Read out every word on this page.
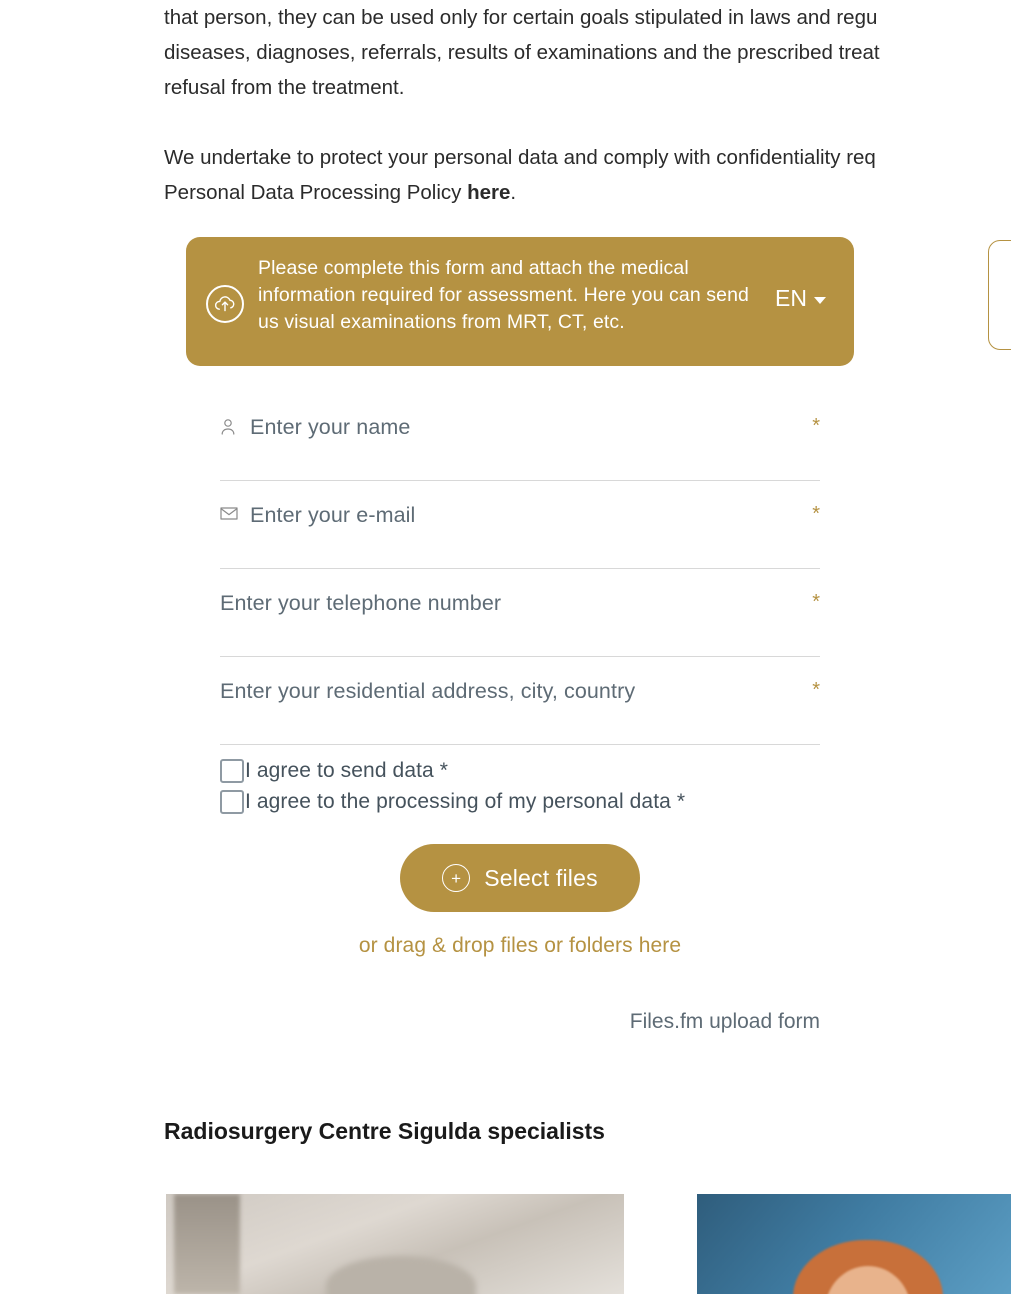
that person, they can be used only for certain goals stipulated in laws and regu
diseases, diagnoses, referrals, results of examinations and the prescribed treat
refusal from the treatment.

We undertake to protect your personal data and comply with confidentiality req
Personal Data Processing Policy here.

Please complete this form and attach the medical information required for assessment. Here you can send us visual examinations from MRT, CT, etc.
EN
Enter your name	*
Enter your e-mail	*
Enter your telephone number	*
Enter your residential address, city, country	*
I agree to send data *
I agree to the processing of my personal data *
+ Select files
or drag & drop files or folders here
Files.fm upload form
Radiosurgery Centre Sigulda specialists
